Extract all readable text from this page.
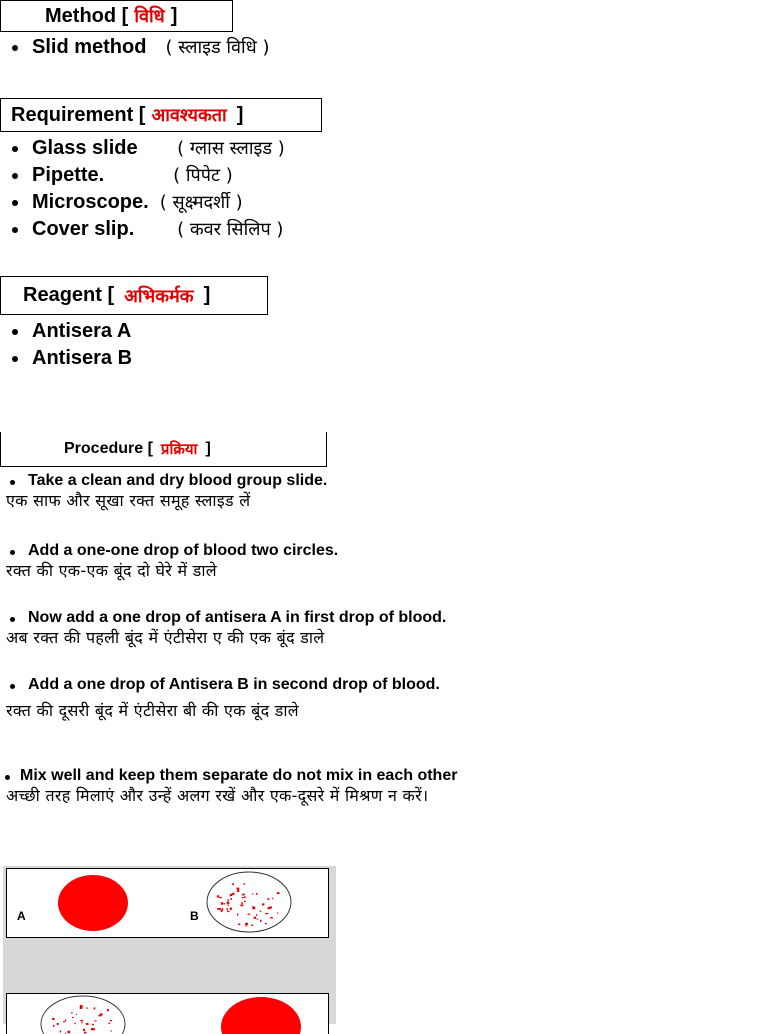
Method [ विधि ]
Slid method ( स्लाइड विधि )
Requirement [ आवश्यकता ]
Glass slide ( ग्लास स्लाइड )
Pipette.	( पिपेट )
Microscope. ( सूक्ष्मदर्शी )
Cover slip. ( कवर सिलिप )
Reagent [ अभिकर्मक ]
Antisera A
Antisera B
Procedure [ प्रक्रिया ]
Take a clean and dry blood group slide.
एक साफ और सूखा रक्त समूह स्लाइड लें
Add a one-one drop of blood two circles.
रक्त की एक-एक बूंद दो घेरे में डाले
Now add a one drop of antisera A in first drop of blood.
अब रक्त की पहली बूंद में एंटीसेरा ए की एक बूंद डाले
Add a one drop of Antisera B in second drop of blood.
रक्त की दूसरी बूंद में एंटीसेरा बी की एक बूंद डाले
Mix well and keep them separate do not mix in each other
अच्छी तरह मिलाएं और उन्हें अलग रखें और एक-दूसरे में मिश्रण न करें।
A	B
